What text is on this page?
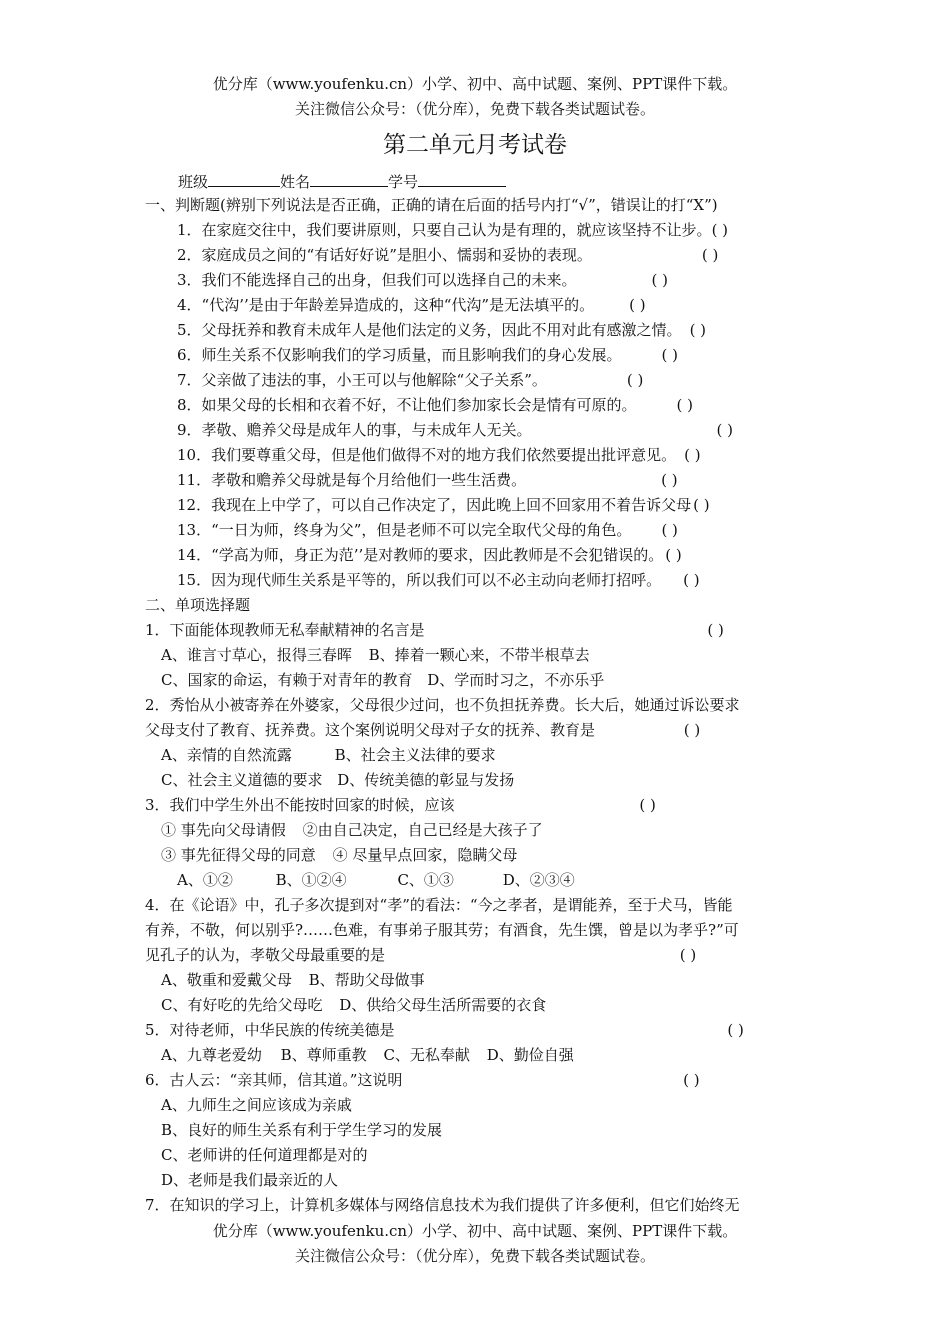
优分库（www.youfenku.cn）小学、初中、高中试题、案例、PPT课件下载。
关注微信公众号：（优分库），免费下载各类试题试卷。
第二单元月考试卷
班级	姓名	学号
一、判断题(辨别下列说法是否正确，正确的请在后面的括号内打“√”，错误让的打“X”)
1．在家庭交往中，我们要讲原则，只要自己认为是有理的，就应该坚持不让步。( )
2．家庭成员之间的“有话好好说”是胆小、懦弱和妥协的表现。	( )
3．我们不能选择自己的出身，但我们可以选择自己的未来。	( )
4．“代沟’’是由于年龄差异造成的，这种“代沟”是无法填平的。 ( )
5．父母抚养和教育未成年人是他们法定的义务，因此不用对此有感激之情。 ( )
6．师生关系不仅影响我们的学习质量，而且影响我们的身心发展。	( )
7．父亲做了违法的事，小王可以与他解除“父子关系”。	( )
8．如果父母的长相和衣着不好，不让他们参加家长会是情有可原的。	( )
9．孝敬、赡养父母是成年人的事，与未成年人无关。	( )
10．我们要尊重父母，但是他们做得不对的地方我们依然要提出批评意见。 ( )
11．孝敬和赡养父母就是每个月给他们一些生活费。	( )
12．我现在上中学了，可以自己作决定了，因此晚上回不回家用不着告诉父母 ( )
13．“一日为师，终身为父”，但是老师不可以完全取代父母的角色。 ( )
14．“学高为师，身正为范’’是对教师的要求，因此教师是不会犯错误的。 ( )
15．因为现代师生关系是平等的，所以我们可以不必主动向老师打招呼。 ( )
二、单项选择题
1．下面能体现教师无私奉献精神的名言是	( )
A、谁言寸草心，报得三春晖 B、捧着一颗心来，不带半根草去
C、国家的命运，有赖于对青年的教育 D、学而时习之，不亦乐乎
2．秀怡从小被寄养在外婆家，父母很少过问，也不负担抚养费。长大后，她通过诉讼要求
父母支付了教育、抚养费。这个案例说明父母对子女的抚养、教育是	( )
A、亲情的自然流露	B、社会主义法律的要求
C、社会主义道德的要求 D、传统美德的彰显与发扬
3．我们中学生外出不能按时回家的时候，应该	( )
① 事先向父母请假 ②由自己决定，自己已经是大孩子了
③ 事先征得父母的同意 ④ 尽量早点回家，隐瞒父母
A、①②	B、①②④	C、①③	D、②③④
4．在《论语》中，孔子多次提到对“孝”的看法：“今之孝者，是谓能养，至于犬马，皆能
有养，不敬，何以别乎?……色难，有事弟子服其劳；有酒食，先生馔，曾是以为孝乎?”可
见孔子的认为，孝敬父母最重要的是	( )
A、敬重和爱戴父母 B、帮助父母做事
C、有好吃的先给父母吃 D、供给父母生活所需要的衣食
5．对待老师，中华民族的传统美德是	( )
A、九尊老爱幼 B、尊师重教 C、无私奉献 D、勤俭自强
6．古人云：“亲其师，信其道。”这说明	( )
A、九师生之间应该成为亲戚
B、良好的师生关系有利于学生学习的发展
C、老师讲的任何道理都是对的
D、老师是我们最亲近的人
7．在知识的学习上，计算机多媒体与网络信息技术为我们提供了许多便利，但它们始终无
优分库（www.youfenku.cn）小学、初中、高中试题、案例、PPT课件下载。
关注微信公众号：（优分库），免费下载各类试题试卷。
